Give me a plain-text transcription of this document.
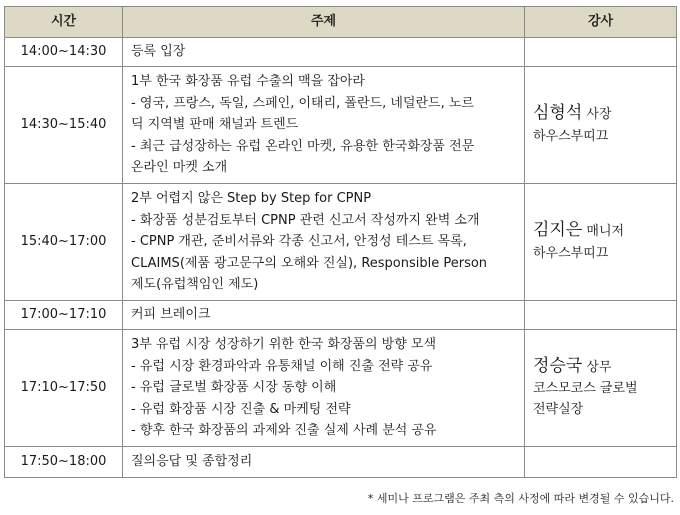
시간	주제	강사
14:00~14:30	등록 입장	

14:30~15:40	1부 한국 화장품 유럽 수출의 맥을 잡아라
- 영국, 프랑스, 독일, 스페인, 이태리, 폴란드, 네덜란드, 노르
딕 지역별 판매 채널과 트렌드
- 최근 급성장하는 유럽 온라인 마켓, 유용한 한국화장품 전문
온라인 마켓 소개	심형석 사장
하우스부띠끄

15:40~17:00	2부 어렵지 않은 Step by Step for CPNP
- 화장품 성분검토부터 CPNP 관련 신고서 작성까지 완벽 소개
- CPNP 개관, 준비서류와 각종 신고서, 안정성 테스트 목록,
CLAIMS(제품 광고문구의 오해와 진실), Responsible Person
제도(유럽책임인 제도)	김지은 매니저
하우스부띠끄

17:00~17:10	커피 브레이크	

17:10~17:50	3부 유럽 시장 성장하기 위한 한국 화장품의 방향 모색
- 유럽 시장 환경파악과 유통채널 이해 진출 전략 공유
- 유럽 글로벌 화장품 시장 동향 이해
- 유럽 화장품 시장 진출 & 마케팅 전략
- 향후 한국 화장품의 과제와 진출 실제 사례 분석 공유	정승국 상무
코스모코스 글로벌
전략실장

17:50~18:00	질의응답 및 종합정리	

* 세미나 프로그램은 주최 측의 사정에 따라 변경될 수 있습니다.
